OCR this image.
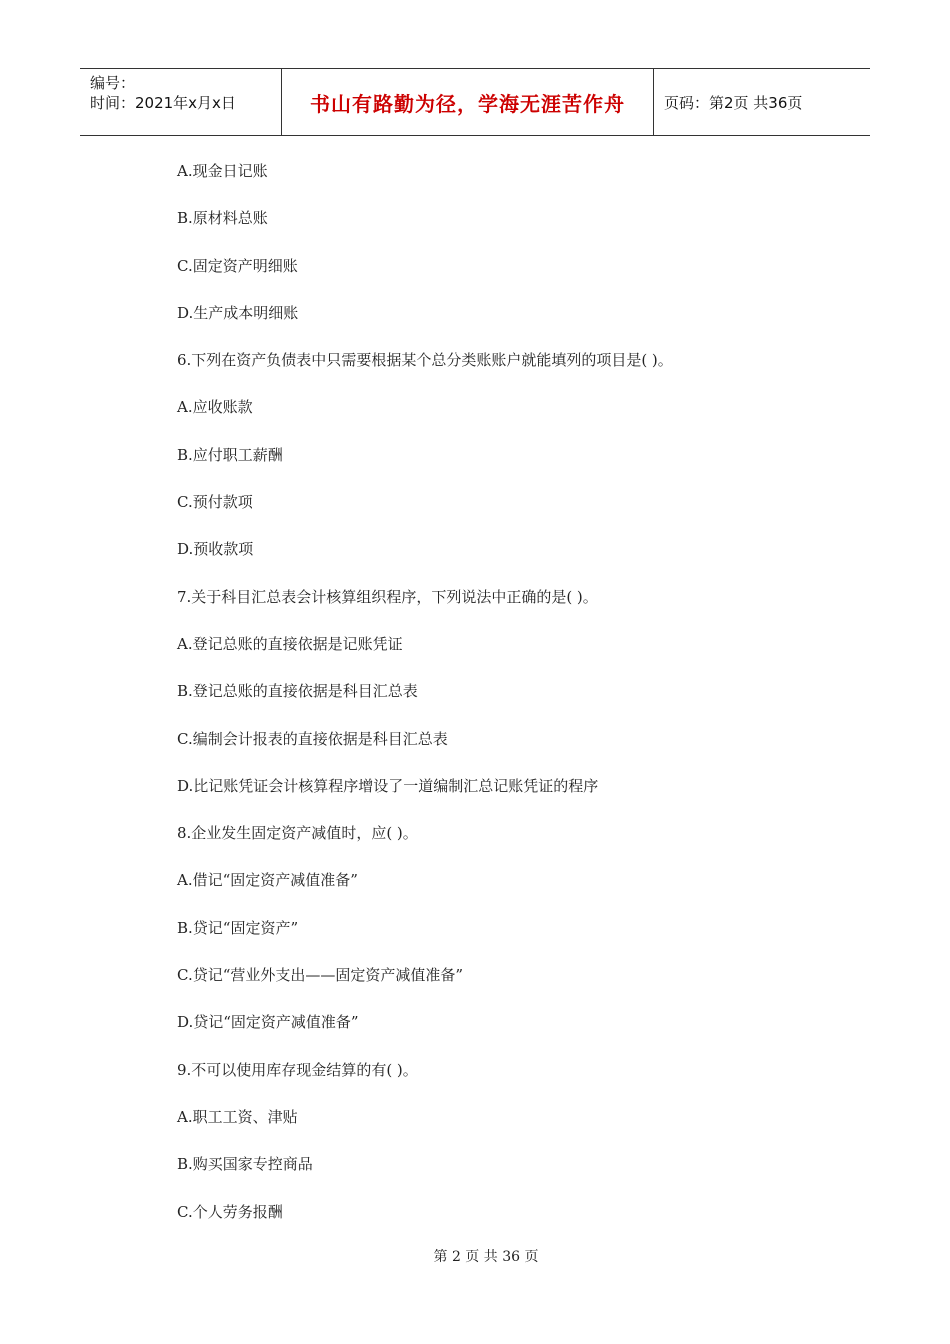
编号：
时间：2021年x月x日	书山有路勤为径，学海无涯苦作舟	页码：第2页 共36页
A.现金日记账
B.原材料总账
C.固定资产明细账
D.生产成本明细账
6.下列在资产负债表中只需要根据某个总分类账账户就能填列的项目是( )。
A.应收账款
B.应付职工薪酬
C.预付款项
D.预收款项
7.关于科目汇总表会计核算组织程序，下列说法中正确的是( )。
A.登记总账的直接依据是记账凭证
B.登记总账的直接依据是科目汇总表
C.编制会计报表的直接依据是科目汇总表
D.比记账凭证会计核算程序增设了一道编制汇总记账凭证的程序
8.企业发生固定资产减值时，应( )。
A.借记“固定资产减值准备”
B.贷记“固定资产”
C.贷记“营业外支出——固定资产减值准备”
D.贷记“固定资产减值准备”
9.不可以使用库存现金结算的有( )。
A.职工工资、津贴
B.购买国家专控商品
C.个人劳务报酬
第 2 页 共 36 页
